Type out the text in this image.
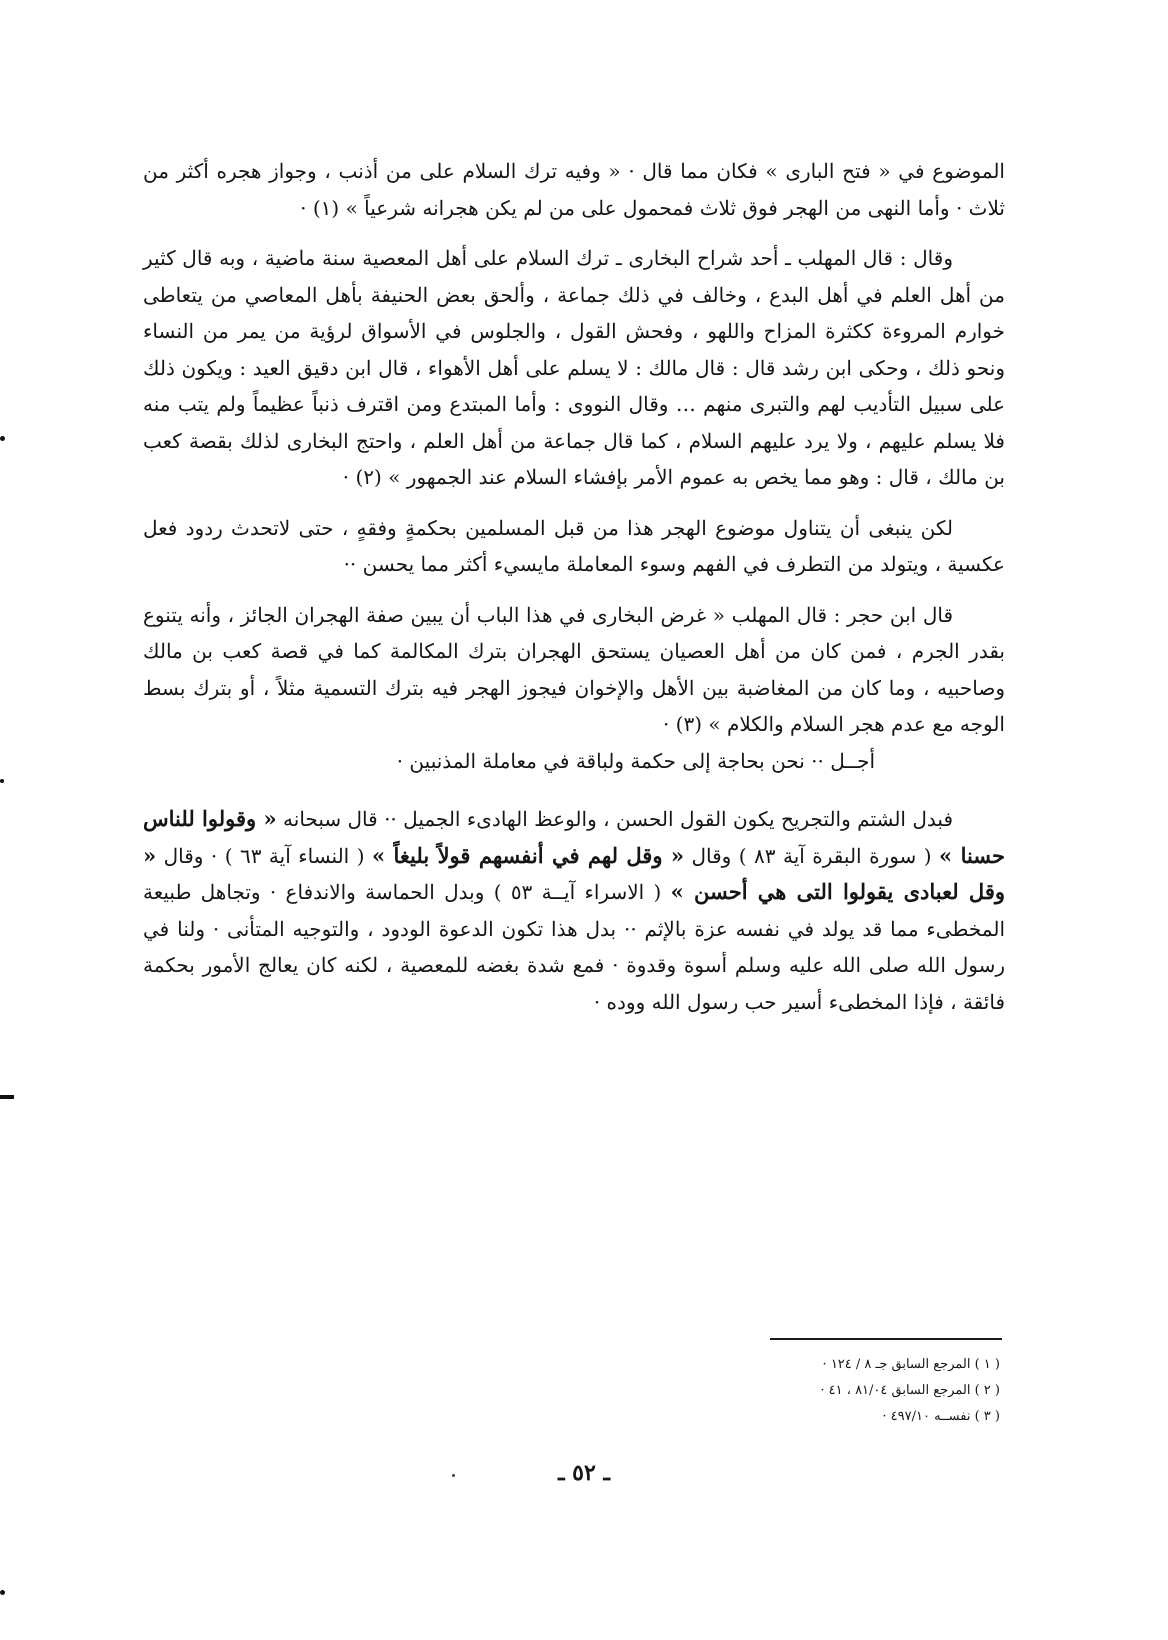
الموضوع في « فتح البارى » فكان مما قال · « وفيه ترك السلام على من أذنب ، وجواز هجره أكثر من ثلاث · وأما النهى من الهجر فوق ثلاث فمحمول على من لم يكن هجرانه شرعياً » (١) ·

وقال : قال المهلب ـ أحد شراح البخارى ـ ترك السلام على أهل المعصية سنة ماضية ، وبه قال كثير من أهل العلم في أهل البدع ، وخالف في ذلك جماعة ، وألحق بعض الحنيفة بأهل المعاصي من يتعاطى خوارم المروءة ككثرة المزاح واللهو ، وفحش القول ، والجلوس في الأسواق لرؤية من يمر من النساء ونحو ذلك ، وحكى ابن رشد قال : قال مالك : لا يسلم على أهل الأهواء ، قال ابن دقيق العيد : ويكون ذلك على سبيل التأديب لهم والتبرى منهم … وقال النووى : وأما المبتدع ومن اقترف ذنباً عظيماً ولم يتب منه فلا يسلم عليهم ، ولا يرد عليهم السلام ، كما قال جماعة من أهل العلم ، واحتج البخارى لذلك بقصة كعب بن مالك ، قال : وهو مما يخص به عموم الأمر بإفشاء السلام عند الجمهور » (٢) ·

لكن ينبغى أن يتناول موضوع الهجر هذا من قبل المسلمين بحكمةٍ وفقهٍ ، حتى لاتحدث ردود فعل عكسية ، ويتولد من التطرف في الفهم وسوء المعاملة مايسيء أكثر مما يحسن ··

قال ابن حجر : قال المهلب « غرض البخارى في هذا الباب أن يبين صفة الهجران الجائز ، وأنه يتنوع بقدر الجرم ، فمن كان من أهل العصيان يستحق الهجران بترك المكالمة كما في قصة كعب بن مالك وصاحبيه ، وما كان من المغاضبة بين الأهل والإخوان فيجوز الهجر فيه بترك التسمية مثلاً ، أو بترك بسط الوجه مع عدم هجر السلام والكلام » (٣) ·

أجــل ·· نحن بحاجة إلى حكمة ولباقة في معاملة المذنبين ·

فبدل الشتم والتجريح يكون القول الحسن ، والوعظ الهادىء الجميل ·· قال سبحانه « وقولوا للناس حسنا » ( سورة البقرة آية ٨٣ ) وقال « وقل لهم في أنفسهم قولاً بليغاً » ( النساء آية ٦٣ ) · وقال « وقل لعبادى يقولوا التى هي أحسن » ( الاسراء آيــة ٥٣ ) وبدل الحماسة والاندفاع · وتجاهل طبيعة المخطىء مما قد يولد في نفسه عزة بالإثم ·· بدل هذا تكون الدعوة الودود ، والتوجيه المتأنى · ولنا في رسول الله صلى الله عليه وسلم أسوة وقدوة · فمع شدة بغضه للمعصية ، لكنه كان يعالج الأمور بحكمة فائقة ، فإذا المخطىء أسير حب رسول الله ووده ·

( ١ ) المرجع السابق جـ ٨ / ١٢٤ ·
( ٢ ) المرجع السابق ٨١/٠٤ ، ٤١ ·
( ٣ ) نفســه ٤٩٧/١٠ ·
ـ ٥٢ ـ
